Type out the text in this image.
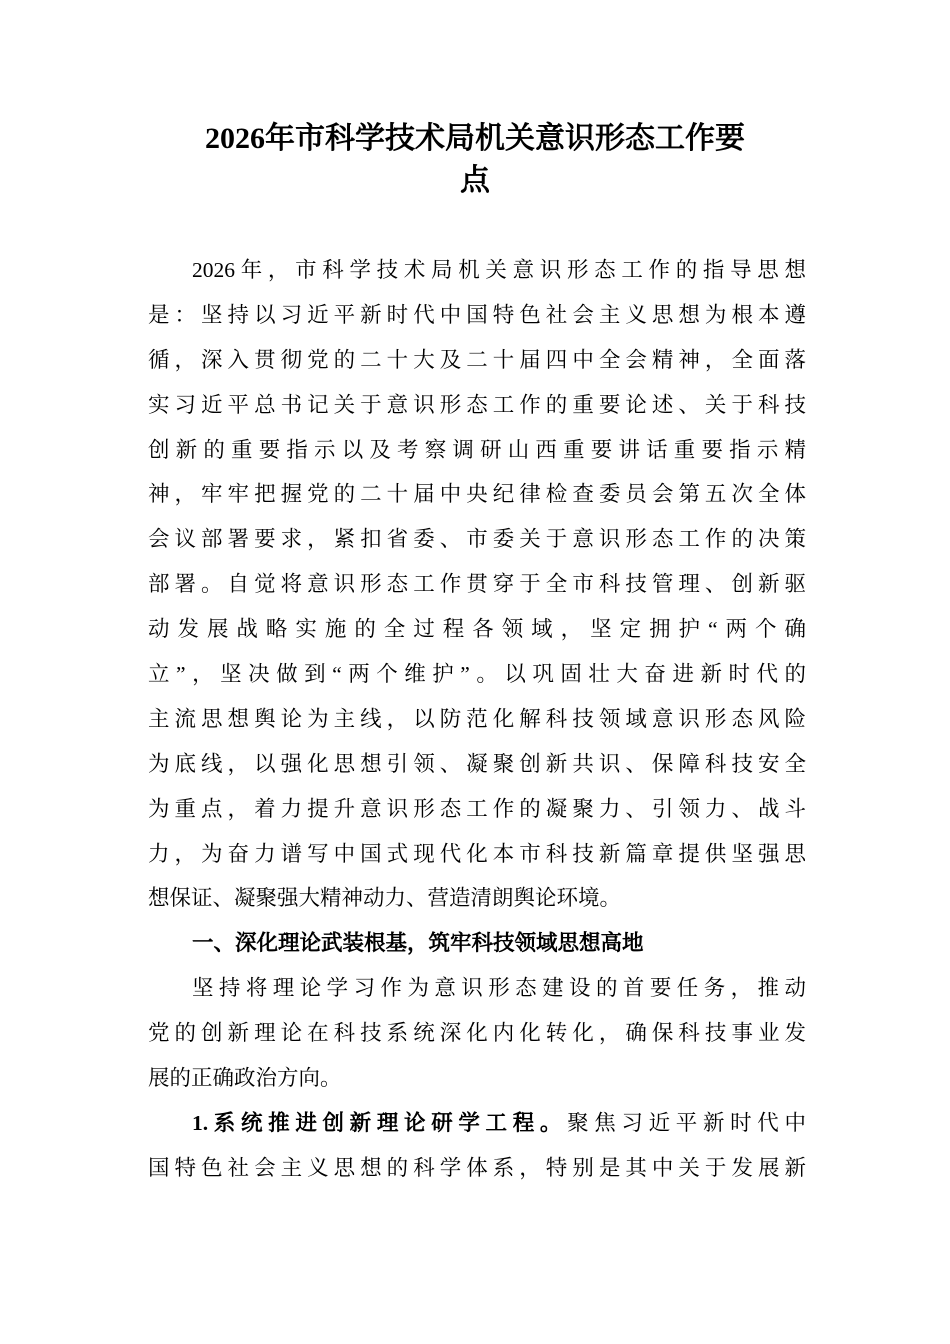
2026年市科学技术局机关意识形态工作要
点
2026年，市科学技术局机关意识形态工作的指导思想
是：坚持以习近平新时代中国特色社会主义思想为根本遵
循，深入贯彻党的二十大及二十届四中全会精神，全面落
实习近平总书记关于意识形态工作的重要论述、关于科技
创新的重要指示以及考察调研山西重要讲话重要指示精
神，牢牢把握党的二十届中央纪律检查委员会第五次全体
会议部署要求，紧扣省委、市委关于意识形态工作的决策
部署。自觉将意识形态工作贯穿于全市科技管理、创新驱
动发展战略实施的全过程各领域，坚定拥护“两个确
立”，坚决做到“两个维护”。以巩固壮大奋进新时代的
主流思想舆论为主线，以防范化解科技领域意识形态风险
为底线，以强化思想引领、凝聚创新共识、保障科技安全
为重点，着力提升意识形态工作的凝聚力、引领力、战斗
力，为奋力谱写中国式现代化本市科技新篇章提供坚强思
想保证、凝聚强大精神动力、营造清朗舆论环境。
一、深化理论武装根基，筑牢科技领域思想高地
坚持将理论学习作为意识形态建设的首要任务，推动
党的创新理论在科技系统深化内化转化，确保科技事业发
展的正确政治方向。
1.系统推进创新理论研学工程。聚焦习近平新时代中
国特色社会主义思想的科学体系，特别是其中关于发展新
